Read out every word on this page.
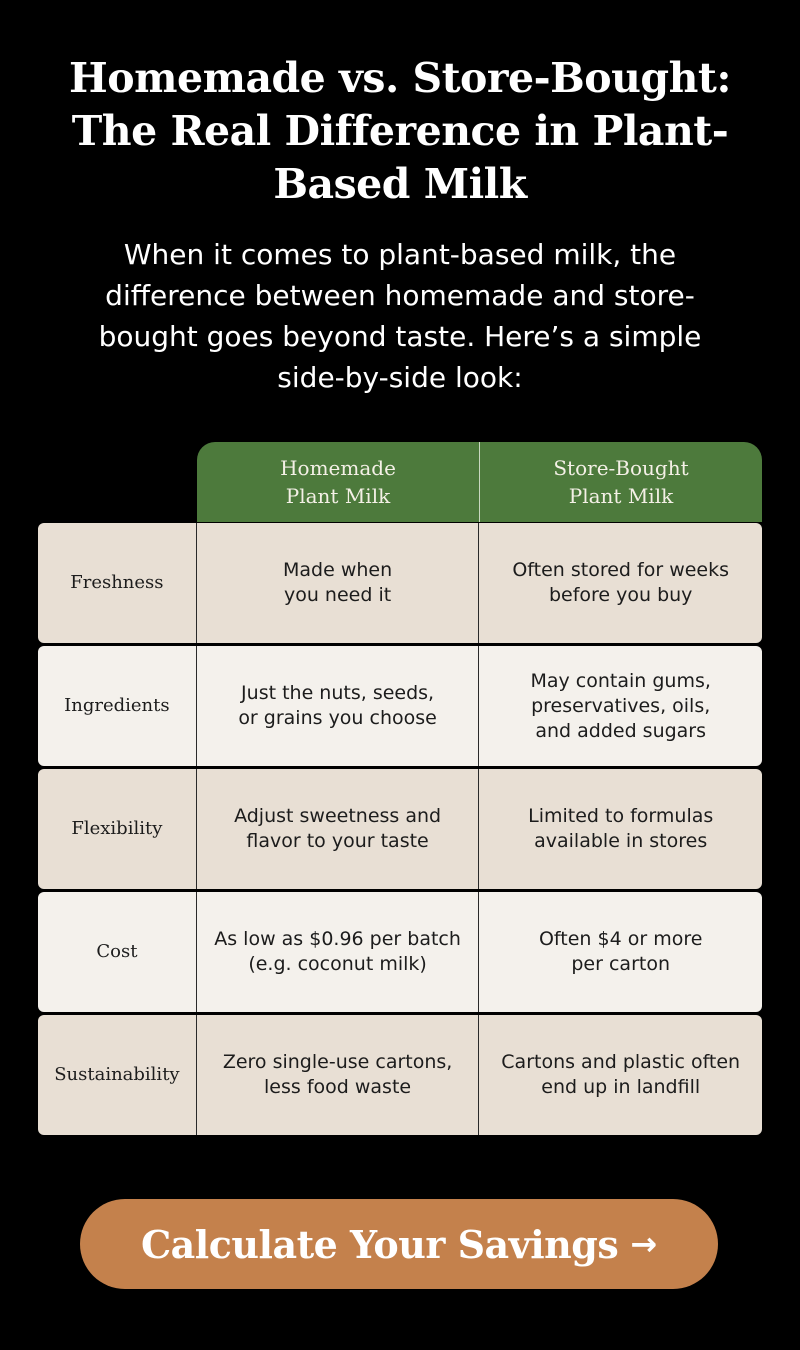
Homemade vs. Store-Bought: The Real Difference in Plant-Based Milk

When it comes to plant-based milk, the difference between homemade and store-bought goes beyond taste. Here’s a simple side-by-side look:

Homemade
Plant Milk
Store-Bought
Plant Milk
Freshness
Made when
you need it
Often stored for weeks
before you buy
Ingredients
Just the nuts, seeds,
or grains you choose
May contain gums,
preservatives, oils,
and added sugars
Flexibility
Adjust sweetness and
flavor to your taste
Limited to formulas
available in stores
Cost
As low as $0.96 per batch
(e.g. coconut milk)
Often $4 or more
per carton
Sustainability
Zero single-use cartons,
less food waste
Cartons and plastic often
end up in landfill
Calculate Your Savings →
